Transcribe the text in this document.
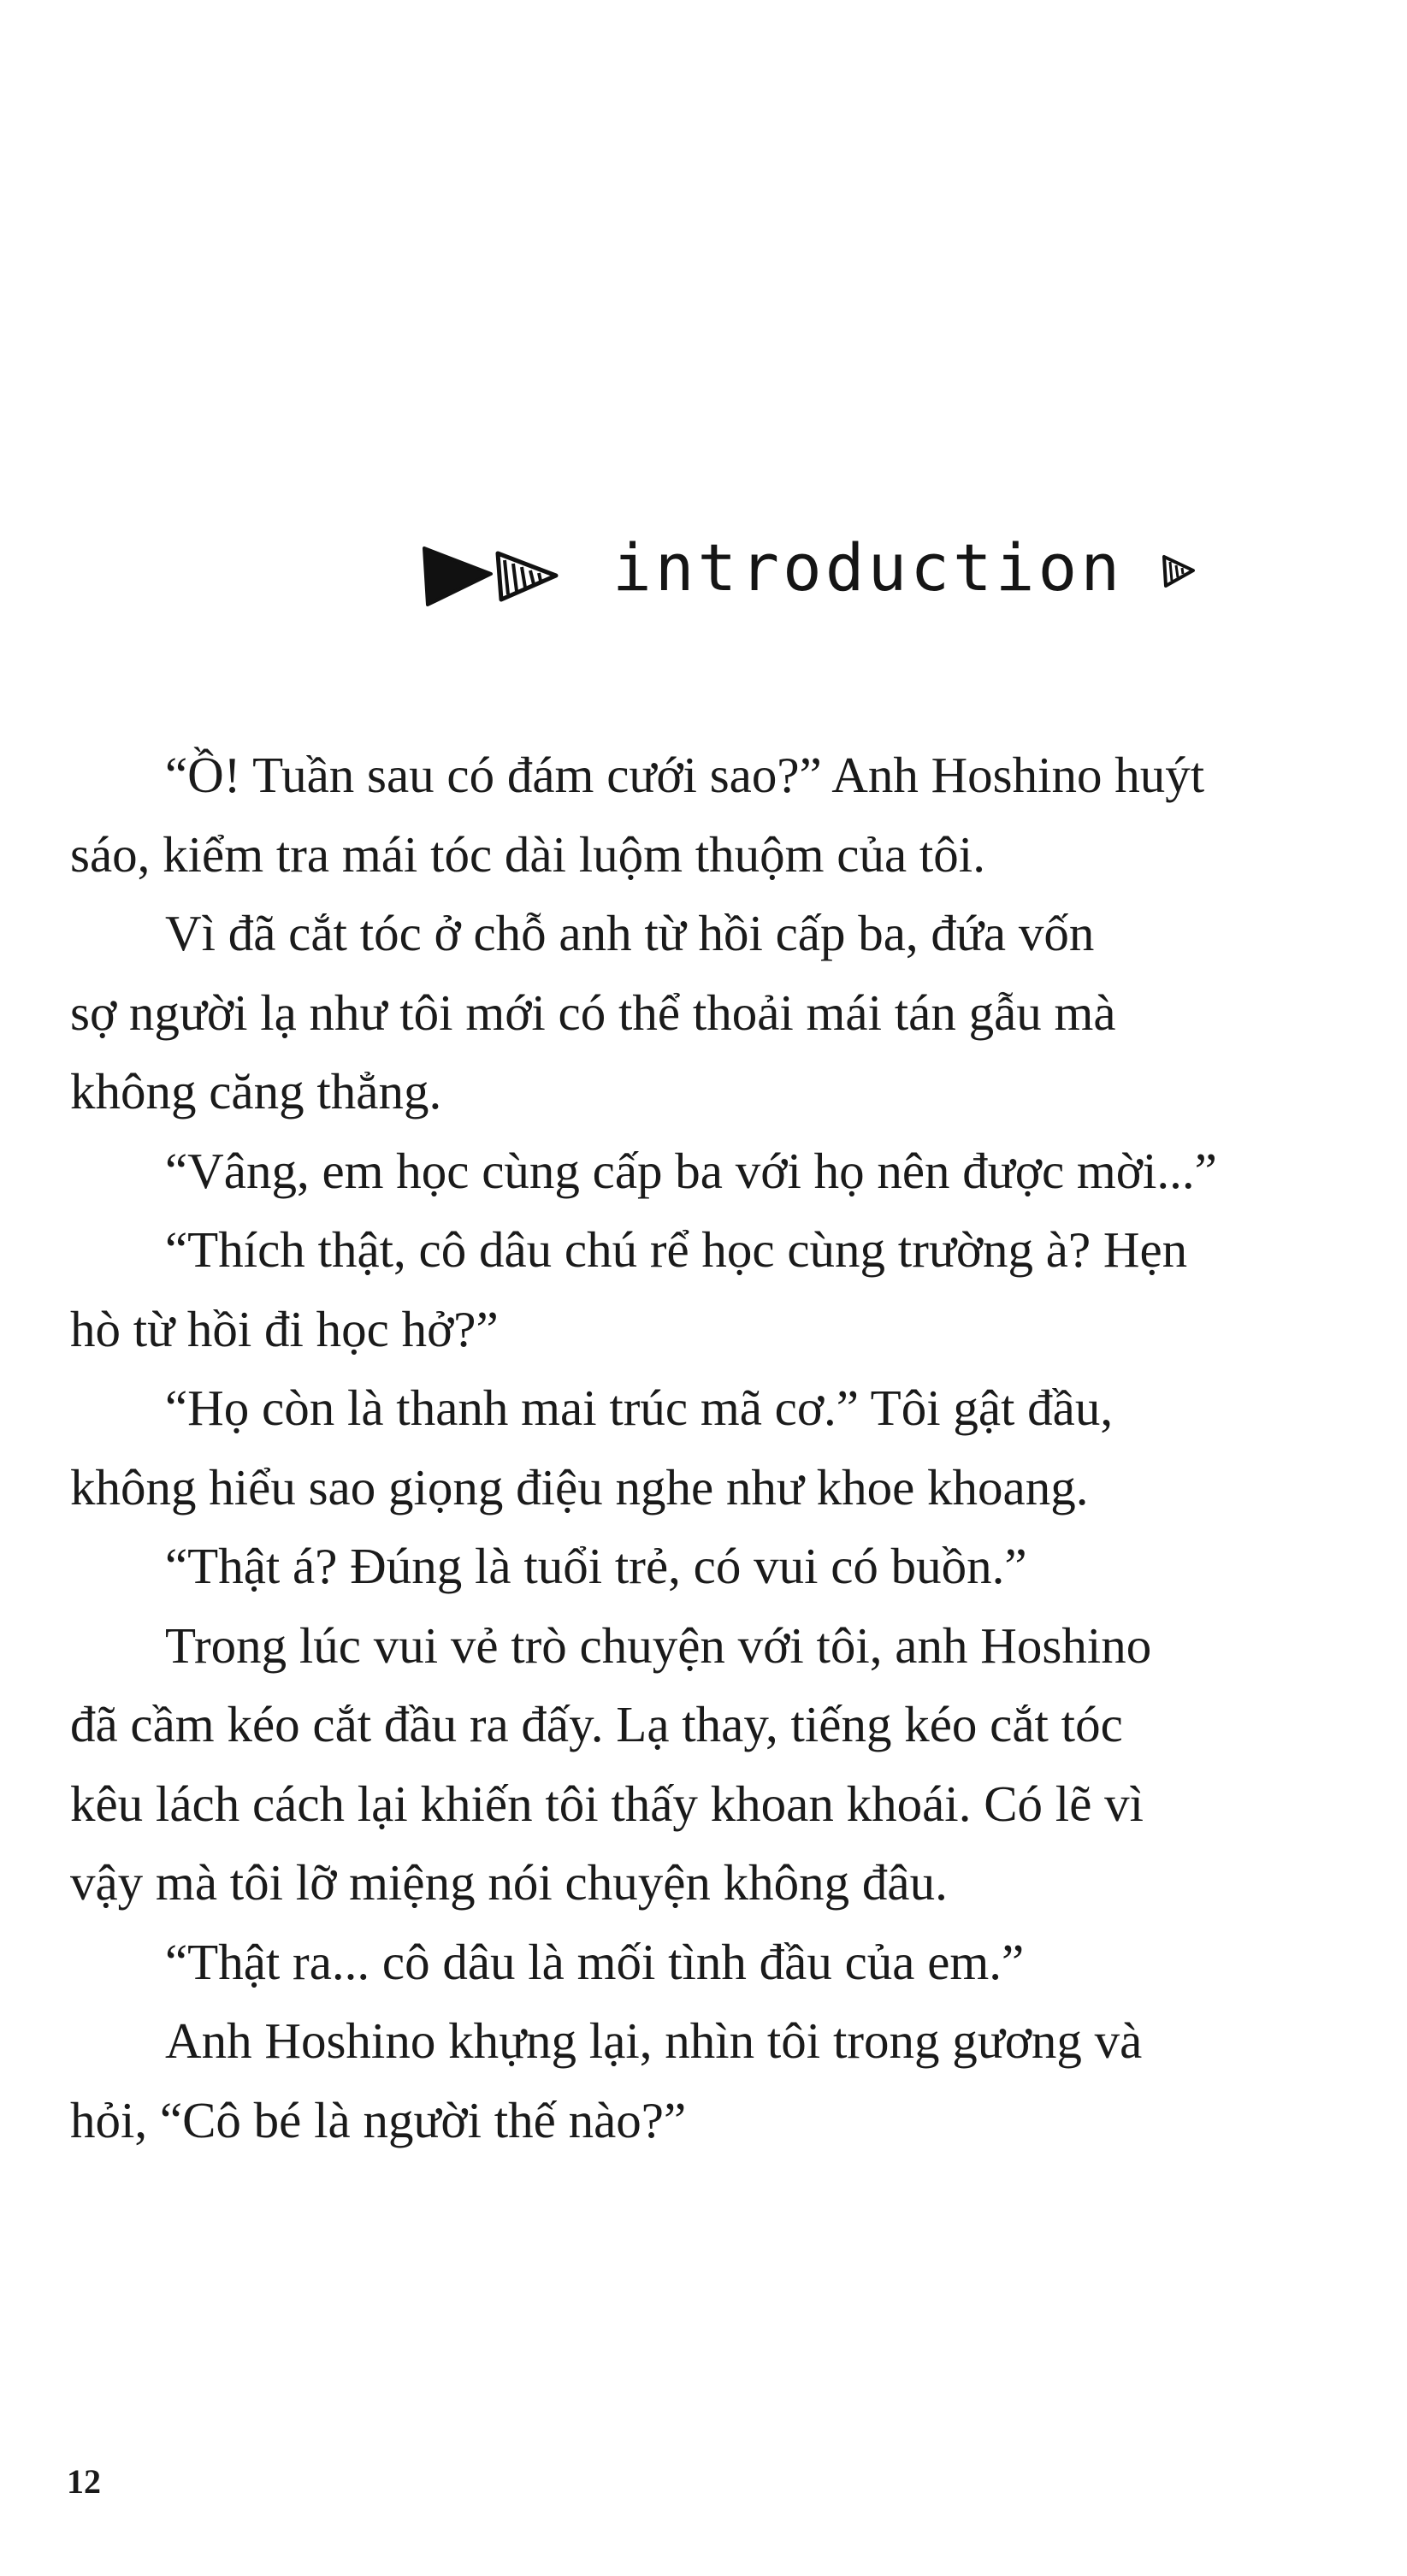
introduction
“Ồ! Tuần sau có đám cưới sao?” Anh Hoshino huýt
sáo, kiểm tra mái tóc dài luộm thuộm của tôi.
Vì đã cắt tóc ở chỗ anh từ hồi cấp ba, đứa vốn
sợ người lạ như tôi mới có thể thoải mái tán gẫu mà
không căng thẳng.
“Vâng, em học cùng cấp ba với họ nên được mời...”
“Thích thật, cô dâu chú rể học cùng trường à? Hẹn
hò từ hồi đi học hở?”
“Họ còn là thanh mai trúc mã cơ.” Tôi gật đầu,
không hiểu sao giọng điệu nghe như khoe khoang.
“Thật á? Đúng là tuổi trẻ, có vui có buồn.”
Trong lúc vui vẻ trò chuyện với tôi, anh Hoshino
đã cầm kéo cắt đầu ra đấy. Lạ thay, tiếng kéo cắt tóc
kêu lách cách lại khiến tôi thấy khoan khoái. Có lẽ vì
vậy mà tôi lỡ miệng nói chuyện không đâu.
“Thật ra... cô dâu là mối tình đầu của em.”
Anh Hoshino khựng lại, nhìn tôi trong gương và
hỏi, “Cô bé là người thế nào?”
12
